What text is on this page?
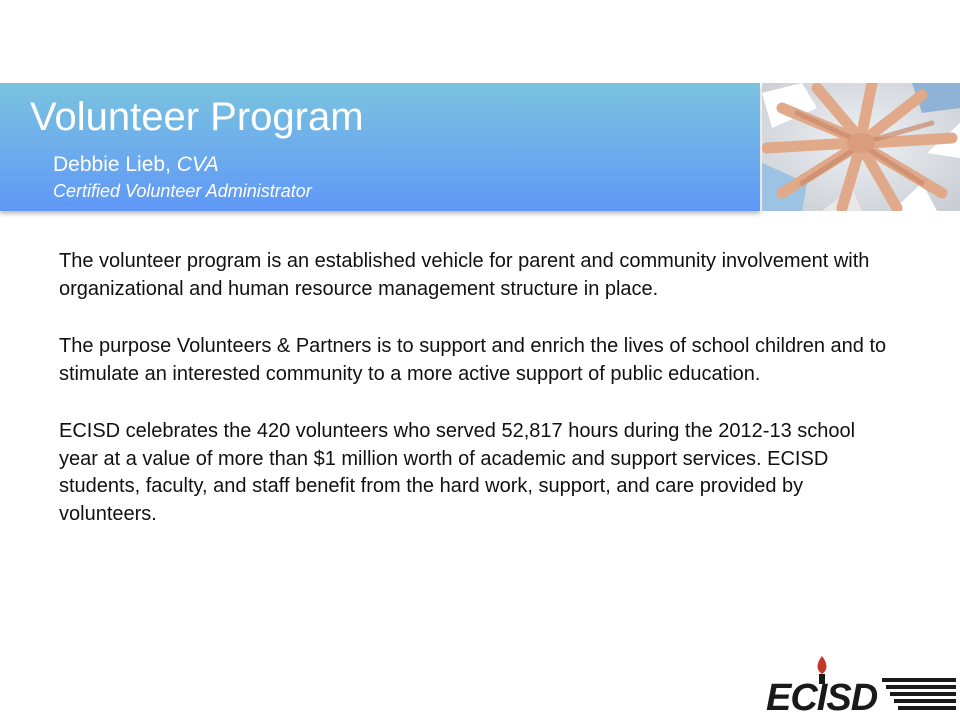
Volunteer Program
Debbie Lieb, CVA
Certified Volunteer Administrator

The volunteer program is an established vehicle for parent and community involvement with organizational and human resource management structure in place.

The purpose Volunteers & Partners is to support and enrich the lives of school children and to stimulate an interested community to a more active support of public education.

ECISD celebrates the 420 volunteers who served 52,817 hours during the 2012-13 school year at a value of more than $1 million worth of academic and support services. ECISD students, faculty, and staff benefit from the hard work, support, and care provided by volunteers.

ECISD
